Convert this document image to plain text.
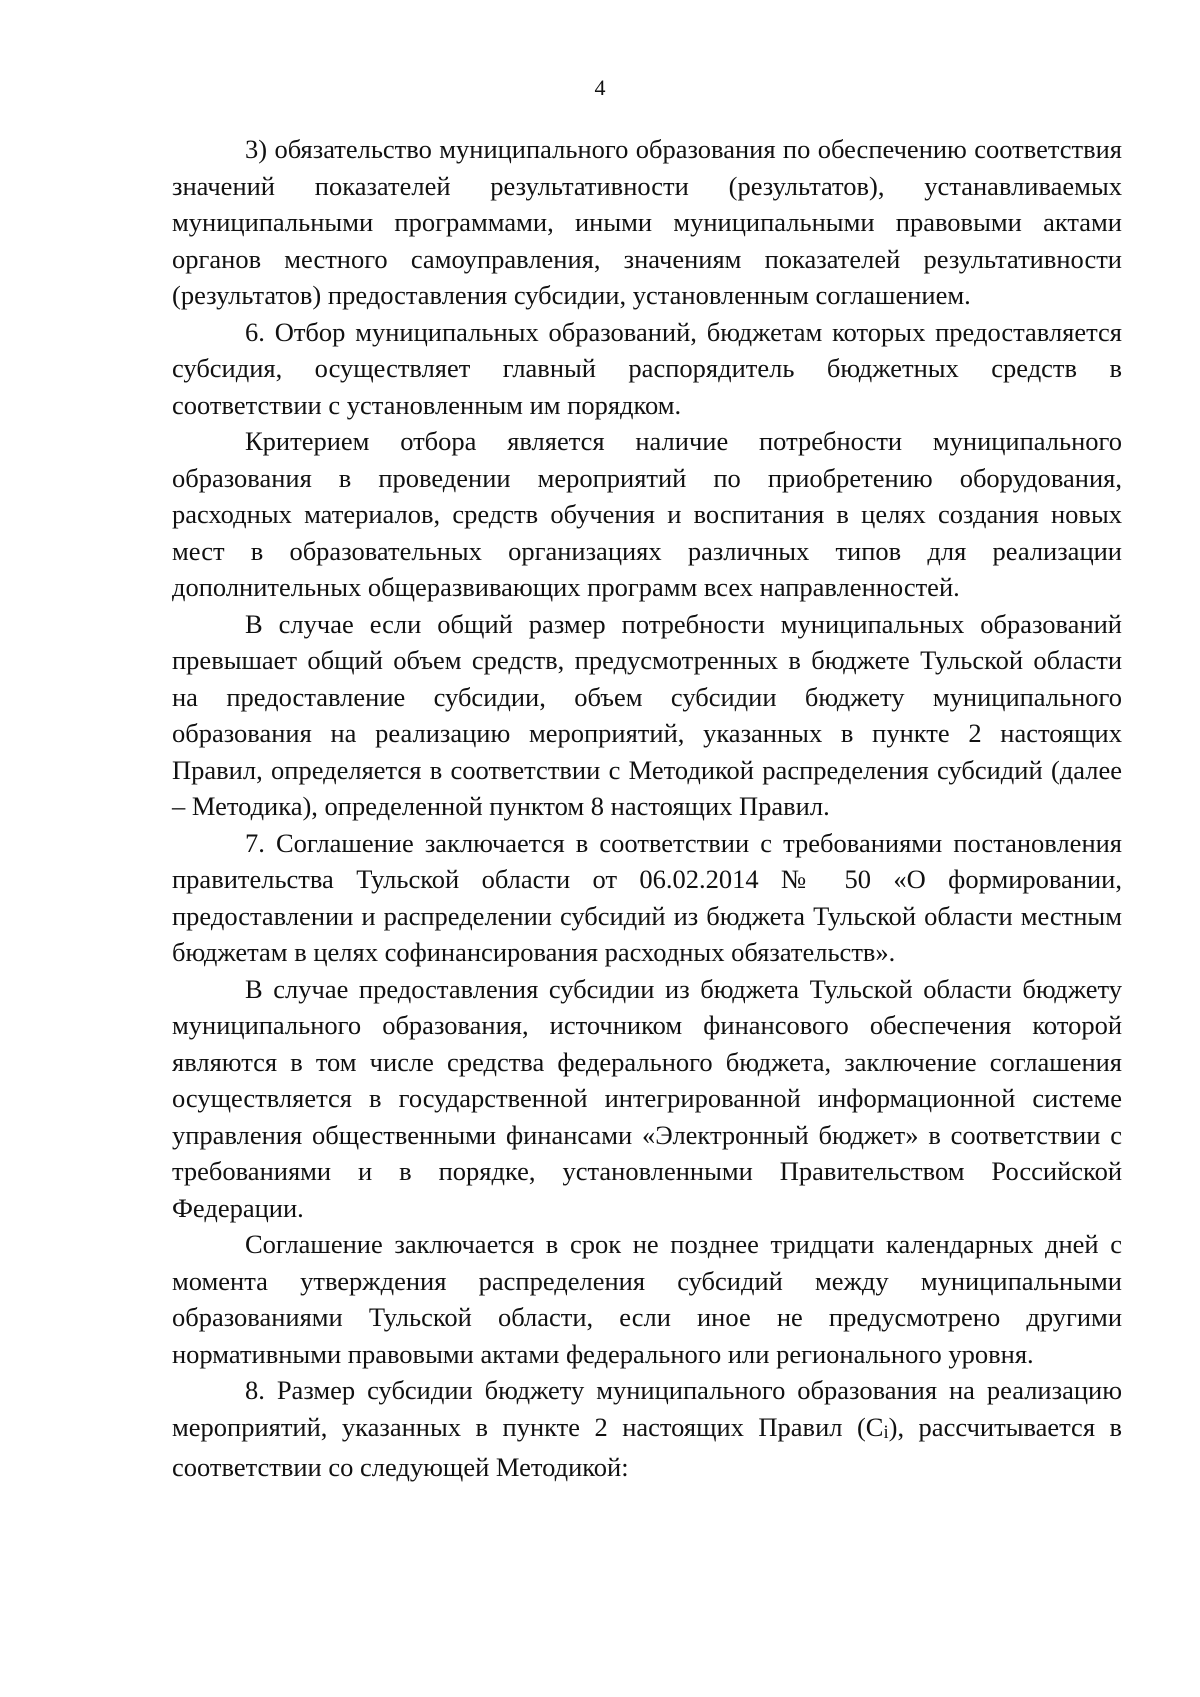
4

3) обязательство муниципального образования по обеспечению соответствия значений показателей результативности (результатов), устанавливаемых муниципальными программами, иными муниципальными правовыми актами органов местного самоуправления, значениям показателей результативности (результатов) предоставления субсидии, установленным соглашением.

6. Отбор муниципальных образований, бюджетам которых предоставляется субсидия, осуществляет главный распорядитель бюджетных средств в соответствии с установленным им порядком.

Критерием отбора является наличие потребности муниципального образования в проведении мероприятий по приобретению оборудования, расходных материалов, средств обучения и воспитания в целях создания новых мест в образовательных организациях различных типов для реализации дополнительных общеразвивающих программ всех направленностей.

В случае если общий размер потребности муниципальных образований превышает общий объем средств, предусмотренных в бюджете Тульской области на предоставление субсидии, объем субсидии бюджету муниципального образования на реализацию мероприятий, указанных в пункте 2 настоящих Правил, определяется в соответствии с Методикой распределения субсидий (далее – Методика), определенной пунктом 8 настоящих Правил.

7. Соглашение заключается в соответствии с требованиями постановления правительства Тульской области от 06.02.2014 № 50 «О формировании, предоставлении и распределении субсидий из бюджета Тульской области местным бюджетам в целях софинансирования расходных обязательств».

В случае предоставления субсидии из бюджета Тульской области бюджету муниципального образования, источником финансового обеспечения которой являются в том числе средства федерального бюджета, заключение соглашения осуществляется в государственной интегрированной информационной системе управления общественными финансами «Электронный бюджет» в соответствии с требованиями и в порядке, установленными Правительством Российской Федерации.

Соглашение заключается в срок не позднее тридцати календарных дней с момента утверждения распределения субсидий между муниципальными образованиями Тульской области, если иное не предусмотрено другими нормативными правовыми актами федерального или регионального уровня.

8. Размер субсидии бюджету муниципального образования на реализацию мероприятий, указанных в пункте 2 настоящих Правил $(C_i)$, рассчитывается в соответствии со следующей Методикой:
